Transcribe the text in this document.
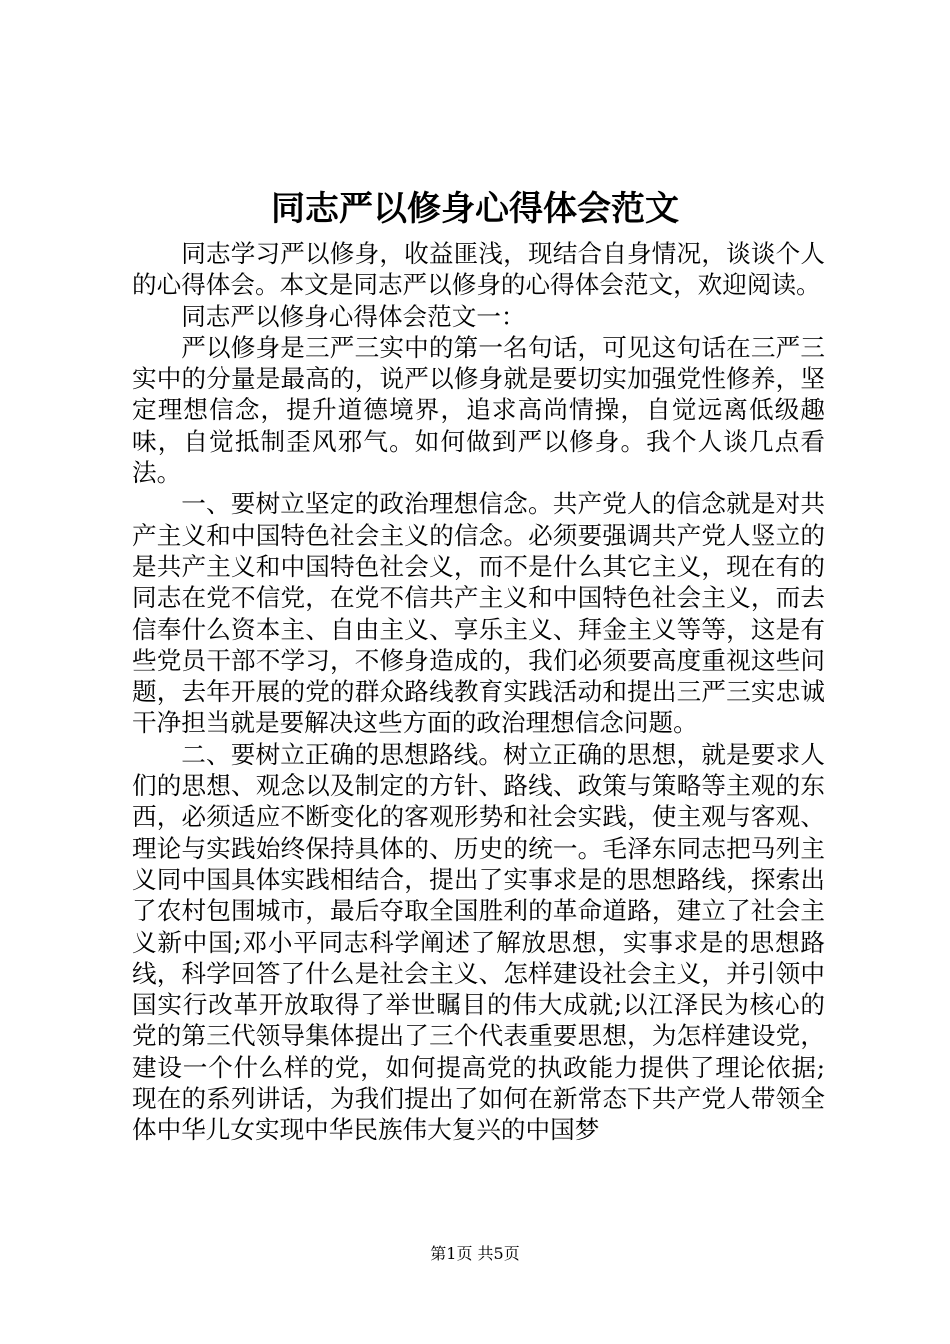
同志严以修身心得体会范文

同志学习严以修身，收益匪浅，现结合自身情况，谈谈个人的心得体会。本文是同志严以修身的心得体会范文，欢迎阅读。

同志严以修身心得体会范文一：

严以修身是三严三实中的第一名句话，可见这句话在三严三实中的分量是最高的，说严以修身就是要切实加强党性修养，坚定理想信念，提升道德境界，追求高尚情操，自觉远离低级趣味，自觉抵制歪风邪气。如何做到严以修身。我个人谈几点看法。

一、要树立坚定的政治理想信念。共产党人的信念就是对共产主义和中国特色社会主义的信念。必须要强调共产党人竖立的是共产主义和中国特色社会义，而不是什么其它主义，现在有的同志在党不信党，在党不信共产主义和中国特色社会主义，而去信奉什么资本主、自由主义、享乐主义、拜金主义等等，这是有些党员干部不学习，不修身造成的，我们必须要高度重视这些问题，去年开展的党的群众路线教育实践活动和提出三严三实忠诚干净担当就是要解决这些方面的政治理想信念问题。

二、要树立正确的思想路线。树立正确的思想，就是要求人们的思想、观念以及制定的方针、路线、政策与策略等主观的东西，必须适应不断变化的客观形势和社会实践，使主观与客观、理论与实践始终保持具体的、历史的统一。毛泽东同志把马列主义同中国具体实践相结合，提出了实事求是的思想路线，探索出了农村包围城市，最后夺取全国胜利的革命道路，建立了社会主义新中国;邓小平同志科学阐述了解放思想，实事求是的思想路线，科学回答了什么是社会主义、怎样建设社会主义，并引领中国实行改革开放取得了举世瞩目的伟大成就;以江泽民为核心的党的第三代领导集体提出了三个代表重要思想，为怎样建设党，建设一个什么样的党，如何提高党的执政能力提供了理论依据;现在的系列讲话，为我们提出了如何在新常态下共产党人带领全体中华儿女实现中华民族伟大复兴的中国梦

第1页 共5页
